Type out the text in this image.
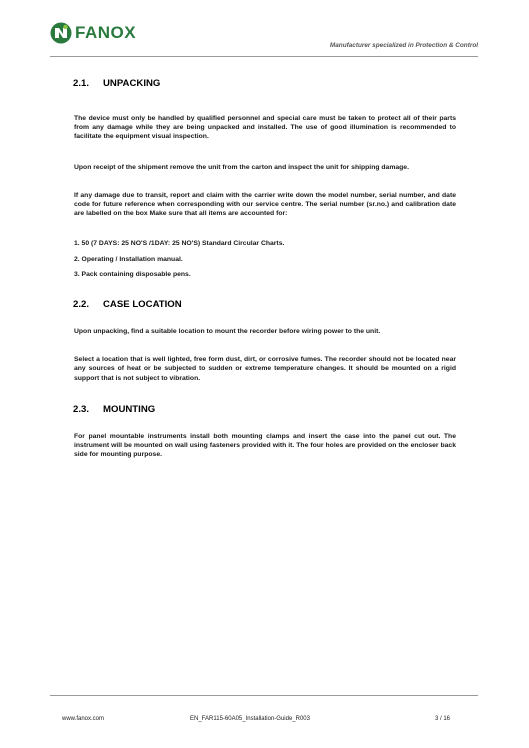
FANOX
Manufacturer specialized in Protection & Control
2.1.	UNPACKING

The device must only be handled by qualified personnel and special care must be taken to protect all of their parts from any damage while they are being unpacked and installed. The use of good illumination is recommended to facilitate the equipment visual inspection.

Upon receipt of the shipment remove the unit from the carton and inspect the unit for shipping damage.

If any damage due to transit, report and claim with the carrier write down the model number, serial number, and date code for future reference when corresponding with our service centre. The serial number (sr.no.) and calibration date are labelled on the box Make sure that all items are accounted for:

1. 50 (7 DAYS: 25 NO'S /1DAY: 25 NO'S) Standard Circular Charts.
2. Operating / Installation manual.
3. Pack containing disposable pens.
2.2.	CASE LOCATION

Upon unpacking, find a suitable location to mount the recorder before wiring power to the unit.

Select a location that is well lighted, free form dust, dirt, or corrosive fumes. The recorder should not be located near any sources of heat or be subjected to sudden or extreme temperature changes. It should be mounted on a rigid support that is not subject to vibration.

2.3.	MOUNTING

For panel mountable instruments install both mounting clamps and insert the case into the panel cut out. The instrument will be mounted on wall using fasteners provided with it. The four holes are provided on the encloser back side for mounting purpose.

www.fanox.com	EN_FAR115-60A05_Installation-Guide_R003	3 / 16
